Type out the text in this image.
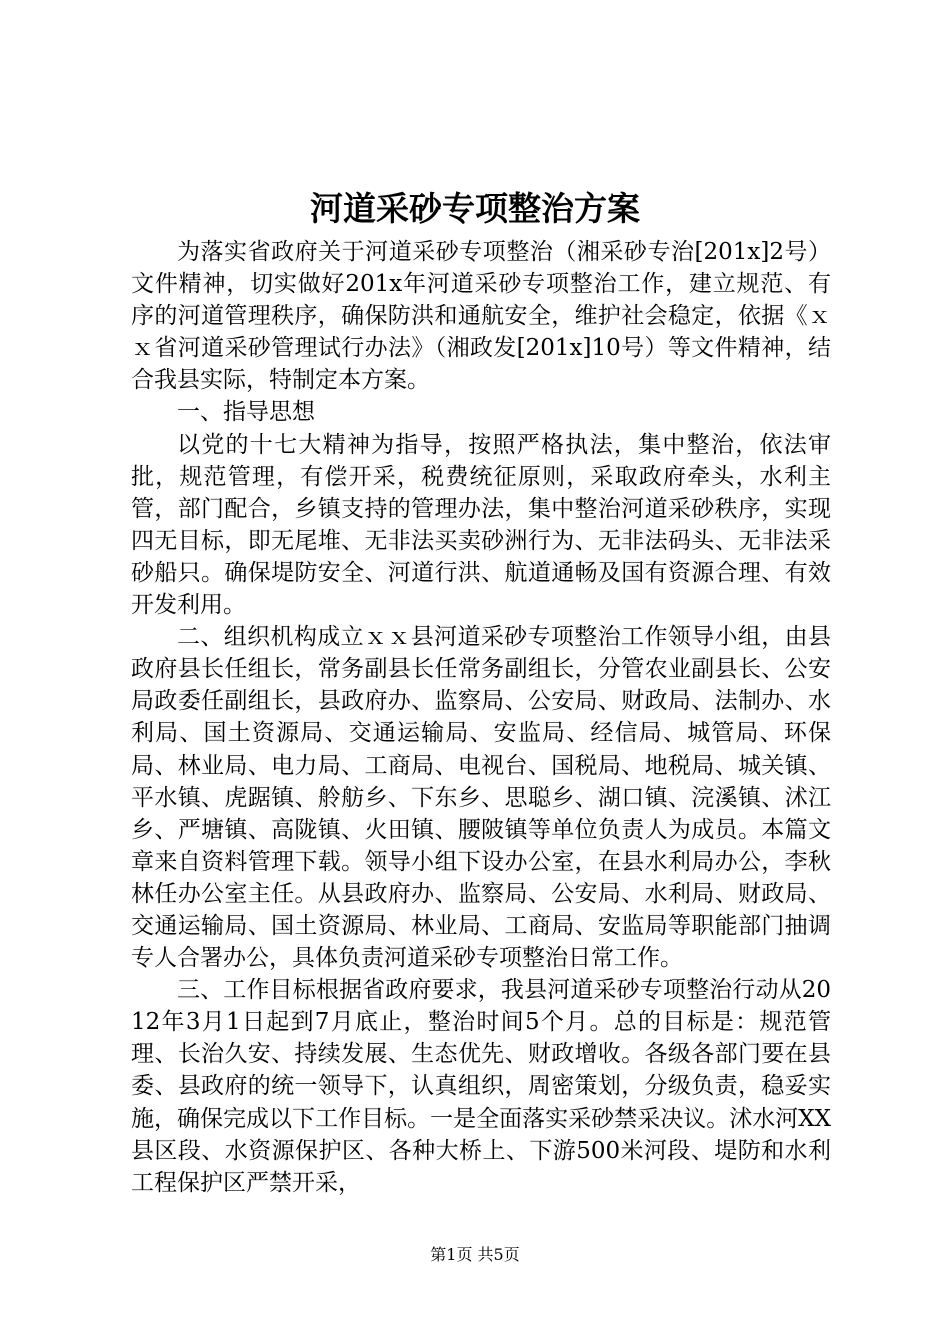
河道采砂专项整治方案

为落实省政府关于河道采砂专项整治（湘采砂专治[201x]2号）文件精神，切实做好201x年河道采砂专项整治工作，建立规范、有序的河道管理秩序，确保防洪和通航安全，维护社会稳定，依据《ｘｘ省河道采砂管理试行办法》（湘政发[201x]10号）等文件精神，结合我县实际，特制定本方案。

一、指导思想

以党的十七大精神为指导，按照严格执法，集中整治，依法审批，规范管理，有偿开采，税费统征原则，采取政府牵头，水利主管，部门配合，乡镇支持的管理办法，集中整治河道采砂秩序，实现四无目标，即无尾堆、无非法买卖砂洲行为、无非法码头、无非法采砂船只。确保堤防安全、河道行洪、航道通畅及国有资源合理、有效开发利用。

二、组织机构成立ｘｘ县河道采砂专项整治工作领导小组，由县政府县长任组长，常务副县长任常务副组长，分管农业副县长、公安局政委任副组长，县政府办、监察局、公安局、财政局、法制办、水利局、国土资源局、交通运输局、安监局、经信局、城管局、环保局、林业局、电力局、工商局、电视台、国税局、地税局、城关镇、平水镇、虎踞镇、舲舫乡、下东乡、思聪乡、湖口镇、浣溪镇、沭江乡、严塘镇、高陇镇、火田镇、腰陂镇等单位负责人为成员。本篇文章来自资料管理下载。领导小组下设办公室，在县水利局办公，李秋林任办公室主任。从县政府办、监察局、公安局、水利局、财政局、交通运输局、国土资源局、林业局、工商局、安监局等职能部门抽调专人合署办公，具体负责河道采砂专项整治日常工作。

三、工作目标根据省政府要求，我县河道采砂专项整治行动从2012年3月1日起到7月底止，整治时间5个月。总的目标是：规范管理、长治久安、持续发展、生态优先、财政增收。各级各部门要在县委、县政府的统一领导下，认真组织，周密策划，分级负责，稳妥实施，确保完成以下工作目标。一是全面落实采砂禁采决议。沭水河XX县区段、水资源保护区、各种大桥上、下游500米河段、堤防和水利工程保护区严禁开采，

第1页 共5页
